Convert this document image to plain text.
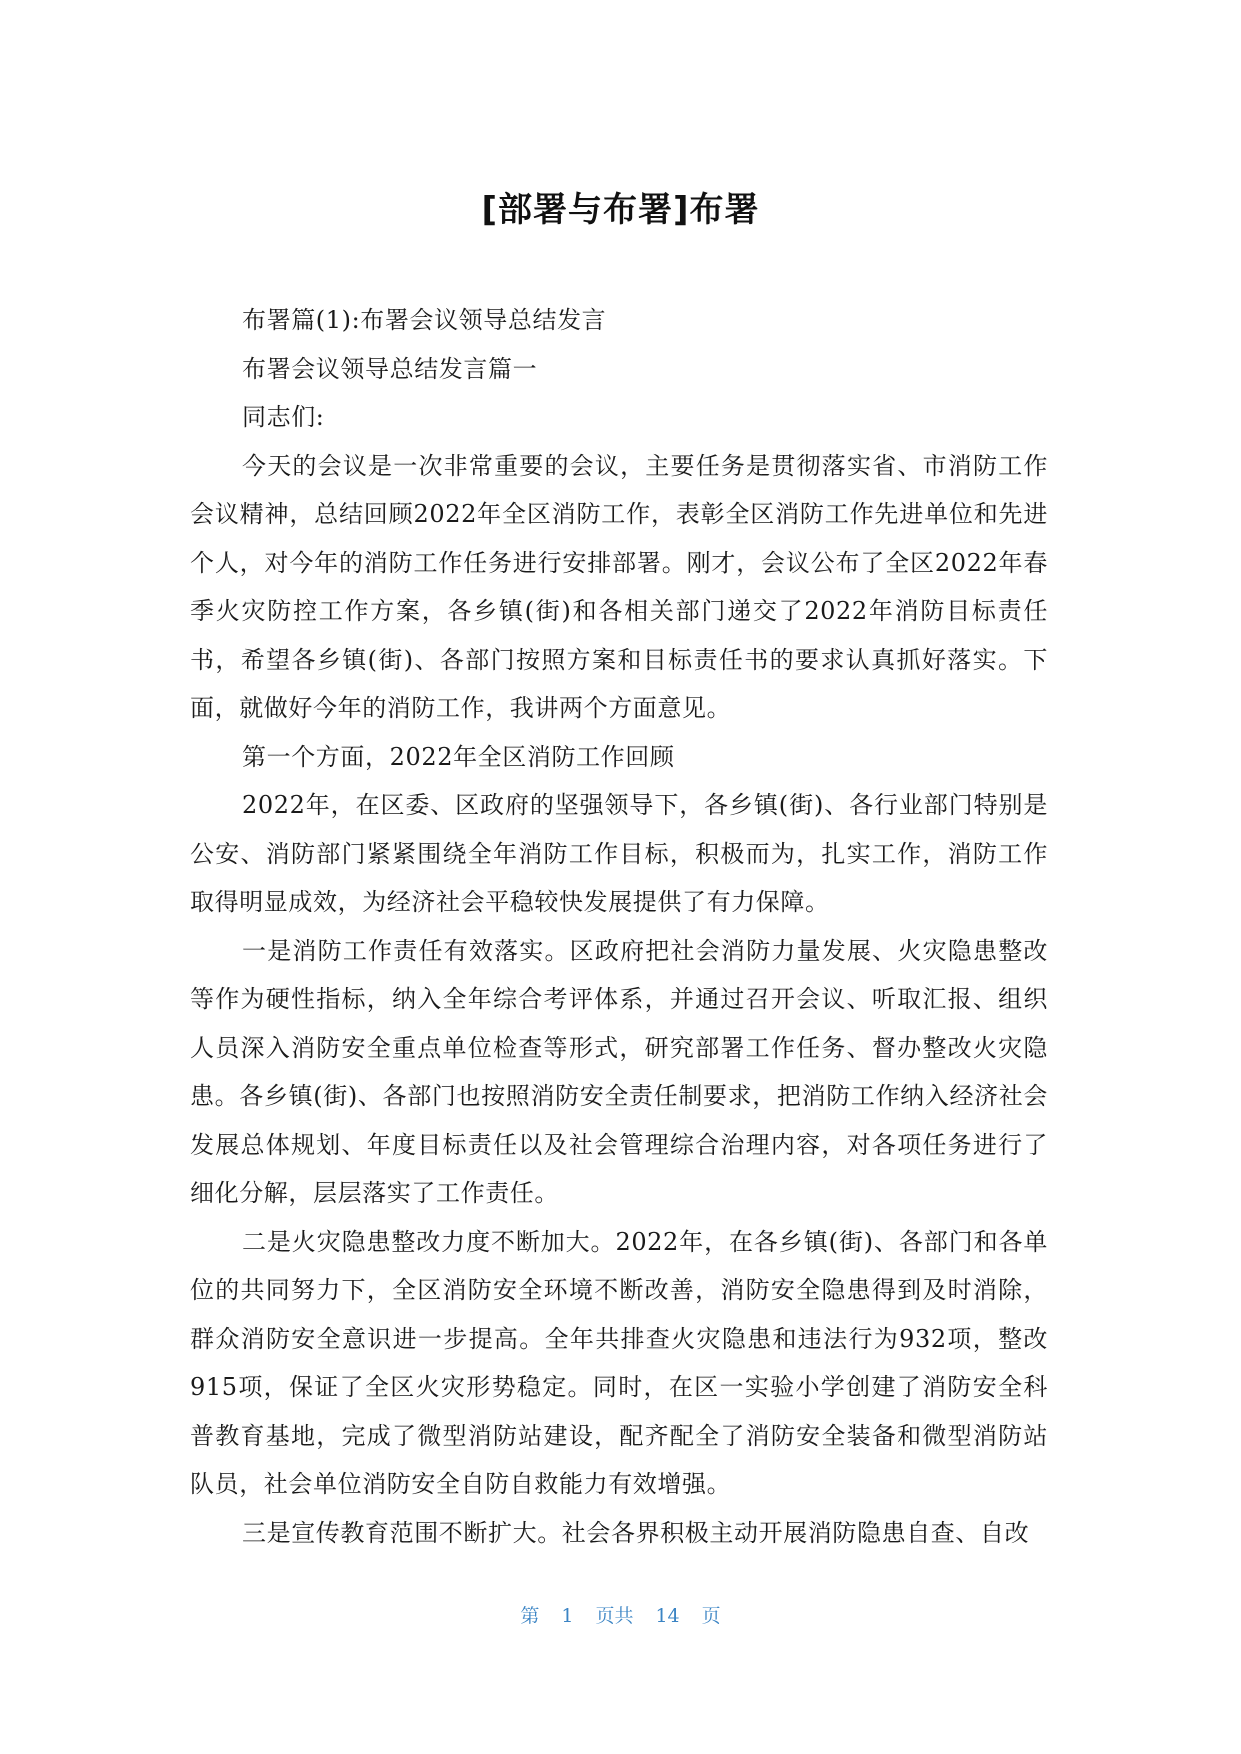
[部署与布署]布署

布署篇(1):布署会议领导总结发言

布署会议领导总结发言篇一

同志们:

今天的会议是一次非常重要的会议，主要任务是贯彻落实省、市消防工作会议精神，总结回顾2022年全区消防工作，表彰全区消防工作先进单位和先进个人，对今年的消防工作任务进行安排部署。刚才，会议公布了全区2022年春季火灾防控工作方案，各乡镇(街)和各相关部门递交了2022年消防目标责任书，希望各乡镇(街)、各部门按照方案和目标责任书的要求认真抓好落实。下面，就做好今年的消防工作，我讲两个方面意见。

第一个方面，2022年全区消防工作回顾

2022年，在区委、区政府的坚强领导下，各乡镇(街)、各行业部门特别是公安、消防部门紧紧围绕全年消防工作目标，积极而为，扎实工作，消防工作取得明显成效，为经济社会平稳较快发展提供了有力保障。

一是消防工作责任有效落实。区政府把社会消防力量发展、火灾隐患整改等作为硬性指标，纳入全年综合考评体系，并通过召开会议、听取汇报、组织人员深入消防安全重点单位检查等形式，研究部署工作任务、督办整改火灾隐患。各乡镇(街)、各部门也按照消防安全责任制要求，把消防工作纳入经济社会发展总体规划、年度目标责任以及社会管理综合治理内容，对各项任务进行了细化分解，层层落实了工作责任。

二是火灾隐患整改力度不断加大。2022年，在各乡镇(街)、各部门和各单位的共同努力下，全区消防安全环境不断改善，消防安全隐患得到及时消除，群众消防安全意识进一步提高。全年共排查火灾隐患和违法行为932项，整改915项，保证了全区火灾形势稳定。同时，在区一实验小学创建了消防安全科普教育基地，完成了微型消防站建设，配齐配全了消防安全装备和微型消防站队员，社会单位消防安全自防自救能力有效增强。

三是宣传教育范围不断扩大。社会各界积极主动开展消防隐患自查、自改

第 1 页共 14 页
